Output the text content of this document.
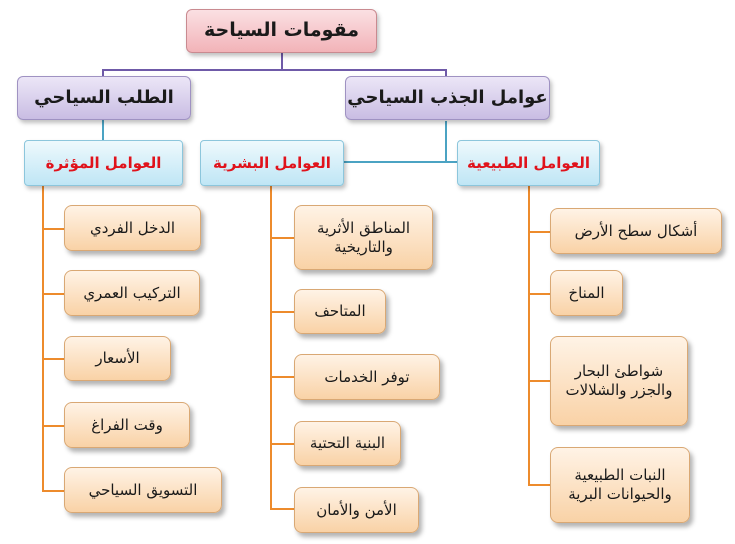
مقومات السياحة
عوامل الجذب السياحي
الطلب السياحي
العوامل الطبيعية
العوامل البشرية
العوامل المؤثرة
أشكال سطح الأرض
المناخ
شواطئ البحار والجزر والشلالات
النبات الطبيعية والحيوانات البرية
المناطق الأثرية والتاريخية
المتاحف
توفر الخدمات
البنية التحتية
الأمن والأمان
الدخل الفردي
التركيب العمري
الأسعار
وقت الفراغ
التسويق السياحي
